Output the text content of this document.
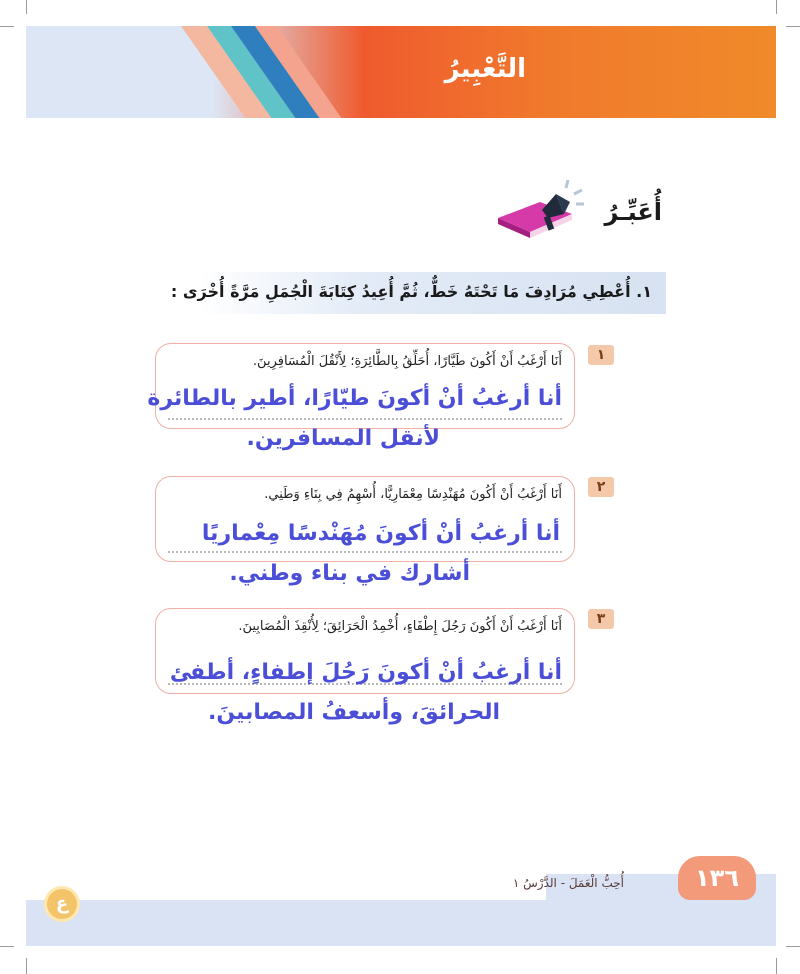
التَّعْبِيرُ
أُعَبِّـرُ
١. أُعْطِي مُرَادِفَ مَا تَحْتَهُ خَطٌّ، ثُمَّ أُعِيدُ كِتَابَةَ الْجُمَلِ مَرَّةً أُخْرَى :
١
أَنَا أَرْغَبُ أَنْ أَكُونَ طَيَّارًا، أُحَلِّقُ بِالطَّائِرَةِ؛ لِأَنْقُلَ الْمُسَافِرِينَ.
أنا أرغبُ أنْ أكونَ طيّارًا، أطير بالطائرة
لأنقل المسافرين.
٢
أَنَا أَرْغَبُ أَنْ أَكُونَ مُهَنْدِسًا مِعْمَارِيًّا، أُسْهِمُ فِي بِنَاءِ وَطَنِي.
أنا أرغبُ أنْ أكونَ مُهَنْدسًا مِعْماريًا
أشارك في بناء وطني.
٣
أَنَا أَرْغَبُ أَنْ أَكُونَ رَجُلَ إِطْفَاءٍ، أُخْمِدُ الْحَرَائِقَ؛ لِأُنْقِذَ الْمُصَابِينَ.
أنا أرغبُ أنْ أكونَ رَجُلَ إطفاءٍ، أطفئ
الحرائقَ، وأسعفُ المصابينَ.
١٣٦
أُحِبُّ الْعَمَلَ - الدَّرْسُ ١
ع
